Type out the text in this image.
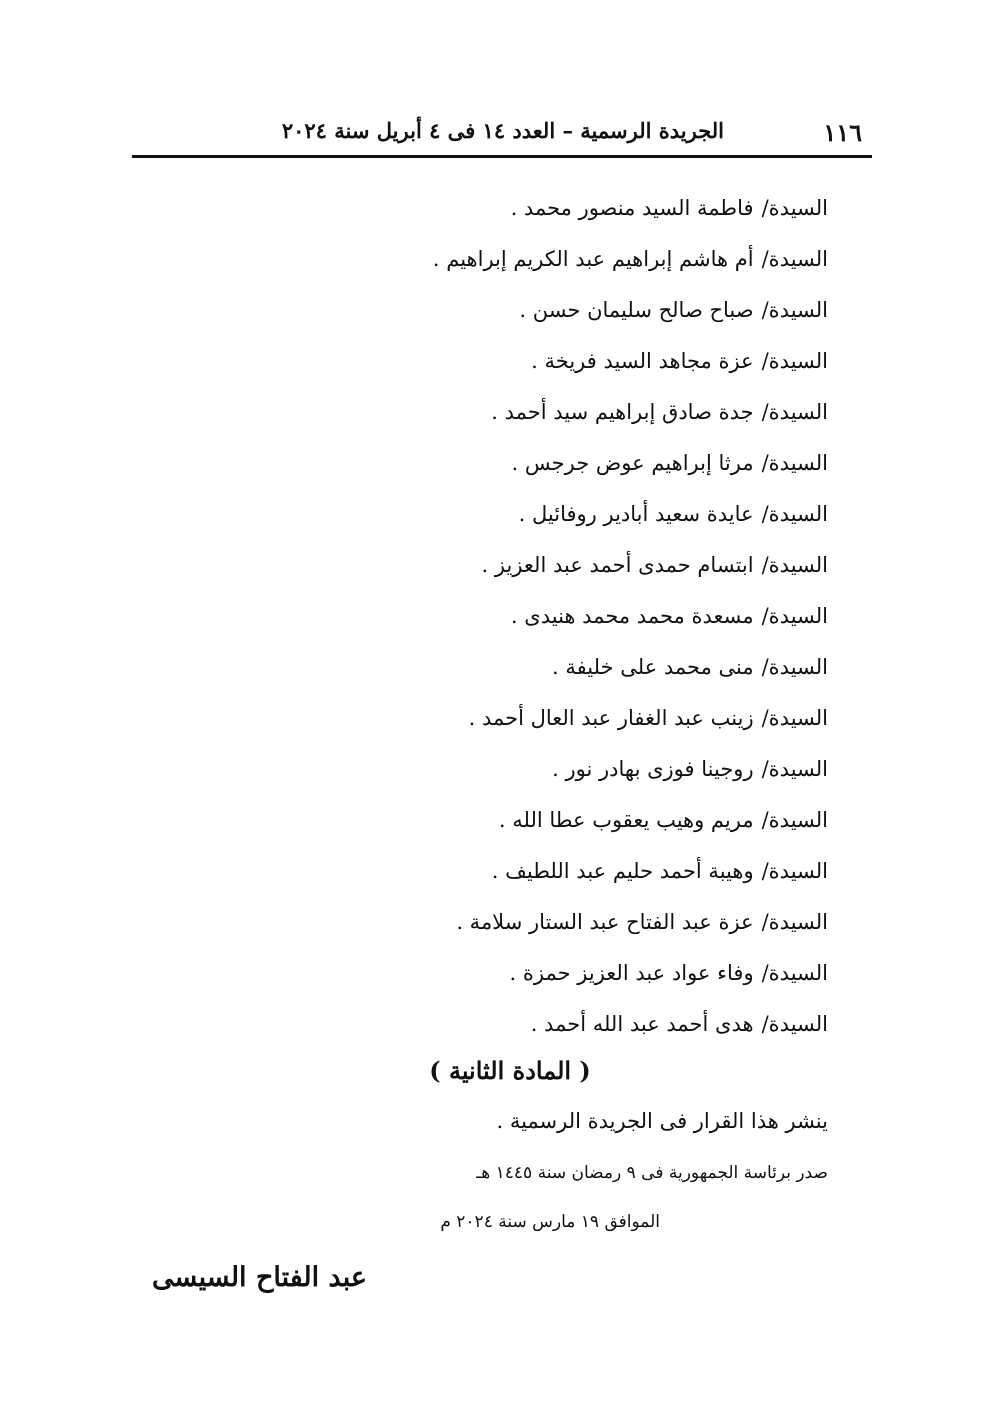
١١٦
الجريدة الرسمية – العدد ١٤ فى ٤ أبريل سنة ٢٠٢٤
السيدة/فاطمة السيد منصور محمد .
السيدة/أم هاشم إبراهيم عبد الكريم إبراهيم .
السيدة/صباح صالح سليمان حسن .
السيدة/عزة مجاهد السيد فريخة .
السيدة/جدة صادق إبراهيم سيد أحمد .
السيدة/مرثا إبراهيم عوض جرجس .
السيدة/عايدة سعيد أبادير روفائيل .
السيدة/ابتسام حمدى أحمد عبد العزيز .
السيدة/مسعدة محمد محمد هنيدى .
السيدة/منى محمد على خليفة .
السيدة/زينب عبد الغفار عبد العال أحمد .
السيدة/روجينا فوزى بهادر نور .
السيدة/مريم وهيب يعقوب عطا الله .
السيدة/وهيبة أحمد حليم عبد اللطيف .
السيدة/عزة عبد الفتاح عبد الستار سلامة .
السيدة/وفاء عواد عبد العزيز حمزة .
السيدة/هدى أحمد عبد الله أحمد .
( المادة الثانية )
ينشر هذا القرار فى الجريدة الرسمية .
صدر برئاسة الجمهورية فى ٩ رمضان سنة ١٤٤٥ هـ
الموافق ١٩ مارس سنة ٢٠٢٤ م
عبد الفتاح السيسى
